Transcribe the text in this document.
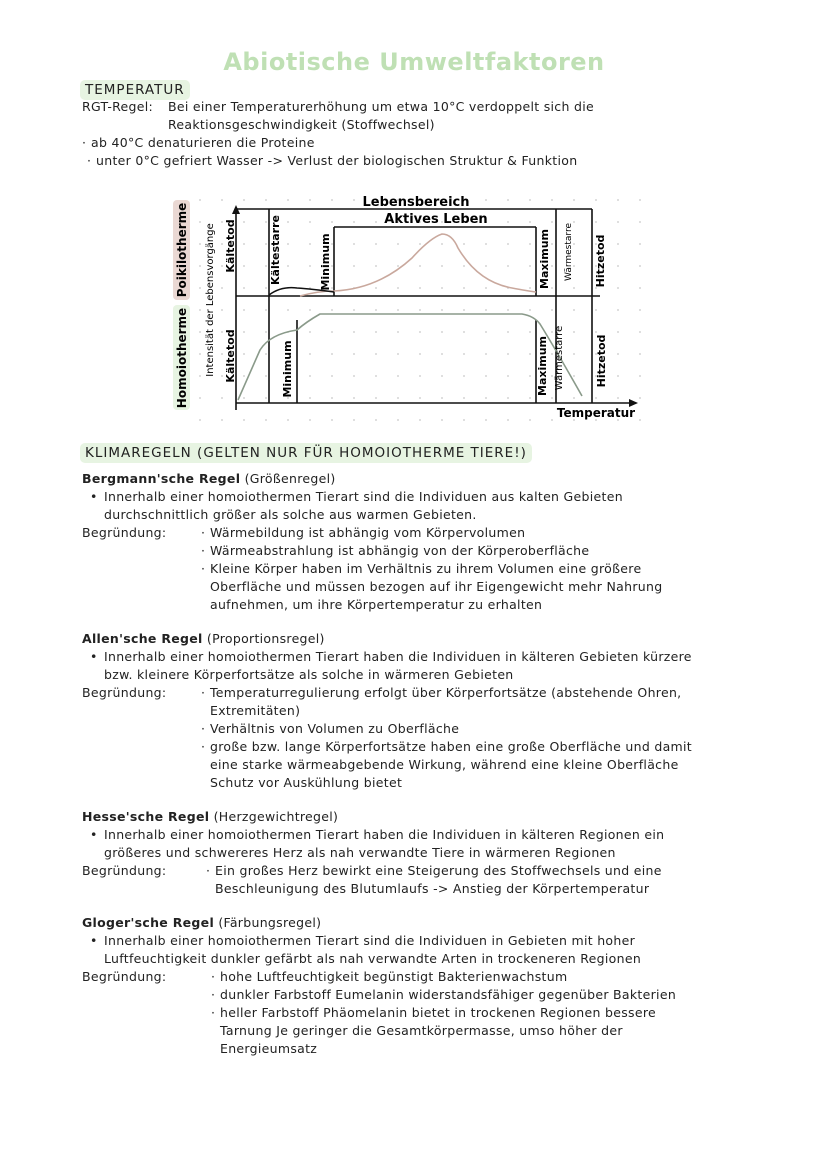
Abiotische Umweltfaktoren
TEMPERATUR
RGT-Regel: Bei einer Temperaturerhöhung um etwa 10°C verdoppelt sich die
Reaktionsgeschwindigkeit (Stoffwechsel)
· ab 40°C denaturieren die Proteine
· unter 0°C gefriert Wasser -> Verlust der biologischen Struktur & Funktion
Poikilotherme
Homoiotherme Intensität der Lebensvorgänge
Lebensbereich
Aktives Leben
Kältetod	Kältestarre	Minimum	Maximum Wärmestarre Hitzetod
Kältetod	Minimum	Maximum Wärmestarre	Hitzetod
Temperatur
KLIMAREGELN (GELTEN NUR FÜR HOMOIOTHERME TIERE!)
Bergmann'sche Regel (Größenregel)
• Innerhalb einer homoiothermen Tierart sind die Individuen aus kalten Gebieten
durchschnittlich größer als solche aus warmen Gebieten.
Begründung:	· Wärmebildung ist abhängig vom Körpervolumen
· Wärmeabstrahlung ist abhängig von der Körperoberfläche
· Kleine Körper haben im Verhältnis zu ihrem Volumen eine größere
Oberfläche und müssen bezogen auf ihr Eigengewicht mehr Nahrung
aufnehmen, um ihre Körpertemperatur zu erhalten
Allen'sche Regel (Proportionsregel)
• Innerhalb einer homoiothermen Tierart haben die Individuen in kälteren Gebieten kürzere
bzw. kleinere Körperfortsätze als solche in wärmeren Gebieten
Begründung:	· Temperaturregulierung erfolgt über Körperfortsätze (abstehende Ohren,
Extremitäten)
· Verhältnis von Volumen zu Oberfläche
· große bzw. lange Körperfortsätze haben eine große Oberfläche und damit
eine starke wärmeabgebende Wirkung, während eine kleine Oberfläche
Schutz vor Auskühlung bietet
Hesse'sche Regel (Herzgewichtregel)
• Innerhalb einer homoiothermen Tierart haben die Individuen in kälteren Regionen ein
größeres und schwereres Herz als nah verwandte Tiere in wärmeren Regionen
Begründung:	· Ein großes Herz bewirkt eine Steigerung des Stoffwechsels und eine
Beschleunigung des Blutumlaufs -> Anstieg der Körpertemperatur
Gloger'sche Regel (Färbungsregel)
• Innerhalb einer homoiothermen Tierart sind die Individuen in Gebieten mit hoher
Luftfeuchtigkeit dunkler gefärbt als nah verwandte Arten in trockeneren Regionen
Begründung:	· hohe Luftfeuchtigkeit begünstigt Bakterienwachstum
· dunkler Farbstoff Eumelanin widerstandsfähiger gegenüber Bakterien
· heller Farbstoff Phäomelanin bietet in trockenen Regionen bessere
Tarnung Je geringer die Gesamtkörpermasse, umso höher der
Energieumsatz
